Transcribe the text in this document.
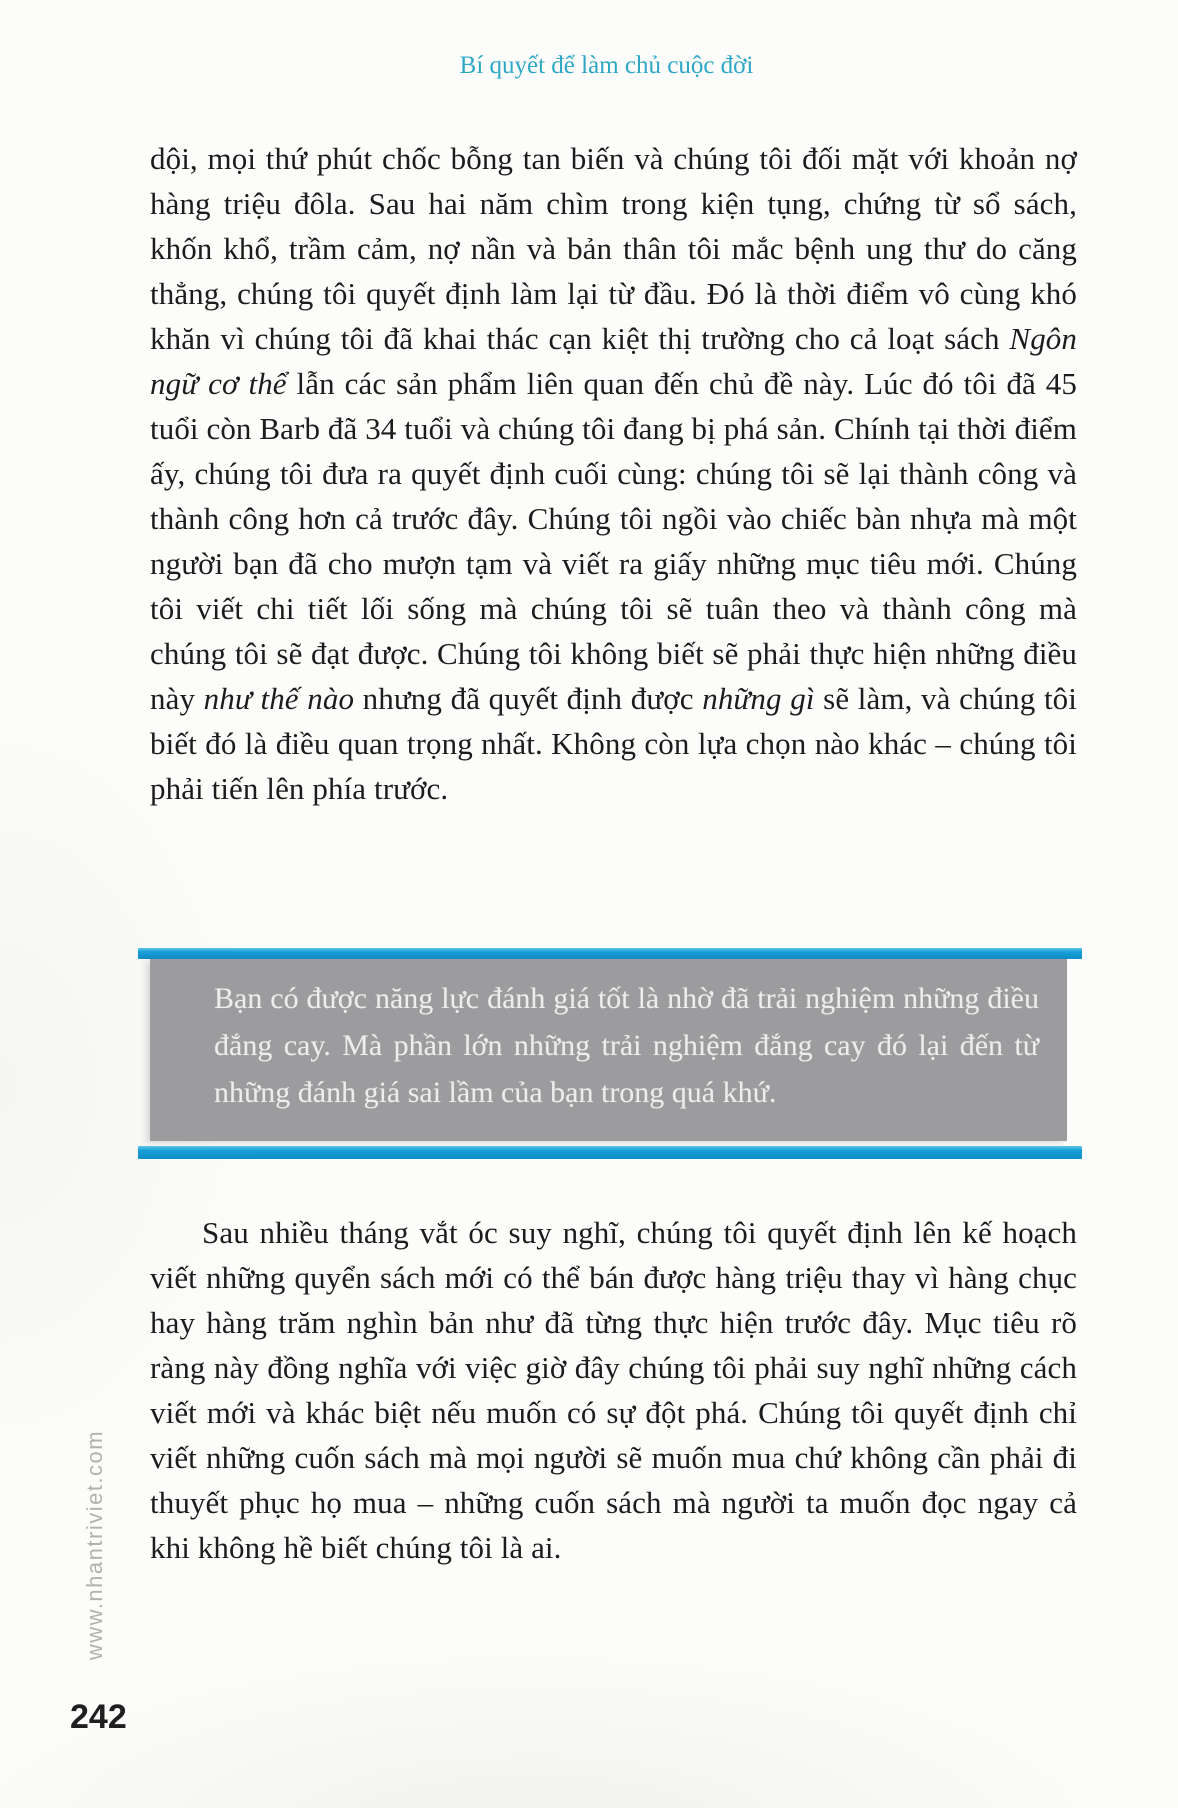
Bí quyết để làm chủ cuộc đời
dội, mọi thứ phút chốc bỗng tan biến và chúng tôi đối mặt với khoản nợ hàng triệu đôla. Sau hai năm chìm trong kiện tụng, chứng từ sổ sách, khốn khổ, trầm cảm, nợ nần và bản thân tôi mắc bệnh ung thư do căng thẳng, chúng tôi quyết định làm lại từ đầu. Đó là thời điểm vô cùng khó khăn vì chúng tôi đã khai thác cạn kiệt thị trường cho cả loạt sách Ngôn ngữ cơ thể lẫn các sản phẩm liên quan đến chủ đề này. Lúc đó tôi đã 45 tuổi còn Barb đã 34 tuổi và chúng tôi đang bị phá sản. Chính tại thời điểm ấy, chúng tôi đưa ra quyết định cuối cùng: chúng tôi sẽ lại thành công và thành công hơn cả trước đây. Chúng tôi ngồi vào chiếc bàn nhựa mà một người bạn đã cho mượn tạm và viết ra giấy những mục tiêu mới. Chúng tôi viết chi tiết lối sống mà chúng tôi sẽ tuân theo và thành công mà chúng tôi sẽ đạt được. Chúng tôi không biết sẽ phải thực hiện những điều này như thế nào nhưng đã quyết định được những gì sẽ làm, và chúng tôi biết đó là điều quan trọng nhất. Không còn lựa chọn nào khác – chúng tôi phải tiến lên phía trước.
Bạn có được năng lực đánh giá tốt là nhờ đã trải nghiệm những điều đắng cay. Mà phần lớn những trải nghiệm đắng cay đó lại đến từ những đánh giá sai lầm của bạn trong quá khứ.
Sau nhiều tháng vắt óc suy nghĩ, chúng tôi quyết định lên kế hoạch viết những quyển sách mới có thể bán được hàng triệu thay vì hàng chục hay hàng trăm nghìn bản như đã từng thực hiện trước đây. Mục tiêu rõ ràng này đồng nghĩa với việc giờ đây chúng tôi phải suy nghĩ những cách viết mới và khác biệt nếu muốn có sự đột phá. Chúng tôi quyết định chỉ viết những cuốn sách mà mọi người sẽ muốn mua chứ không cần phải đi thuyết phục họ mua – những cuốn sách mà người ta muốn đọc ngay cả khi không hề biết chúng tôi là ai.
www.nhantriviet.com
242
